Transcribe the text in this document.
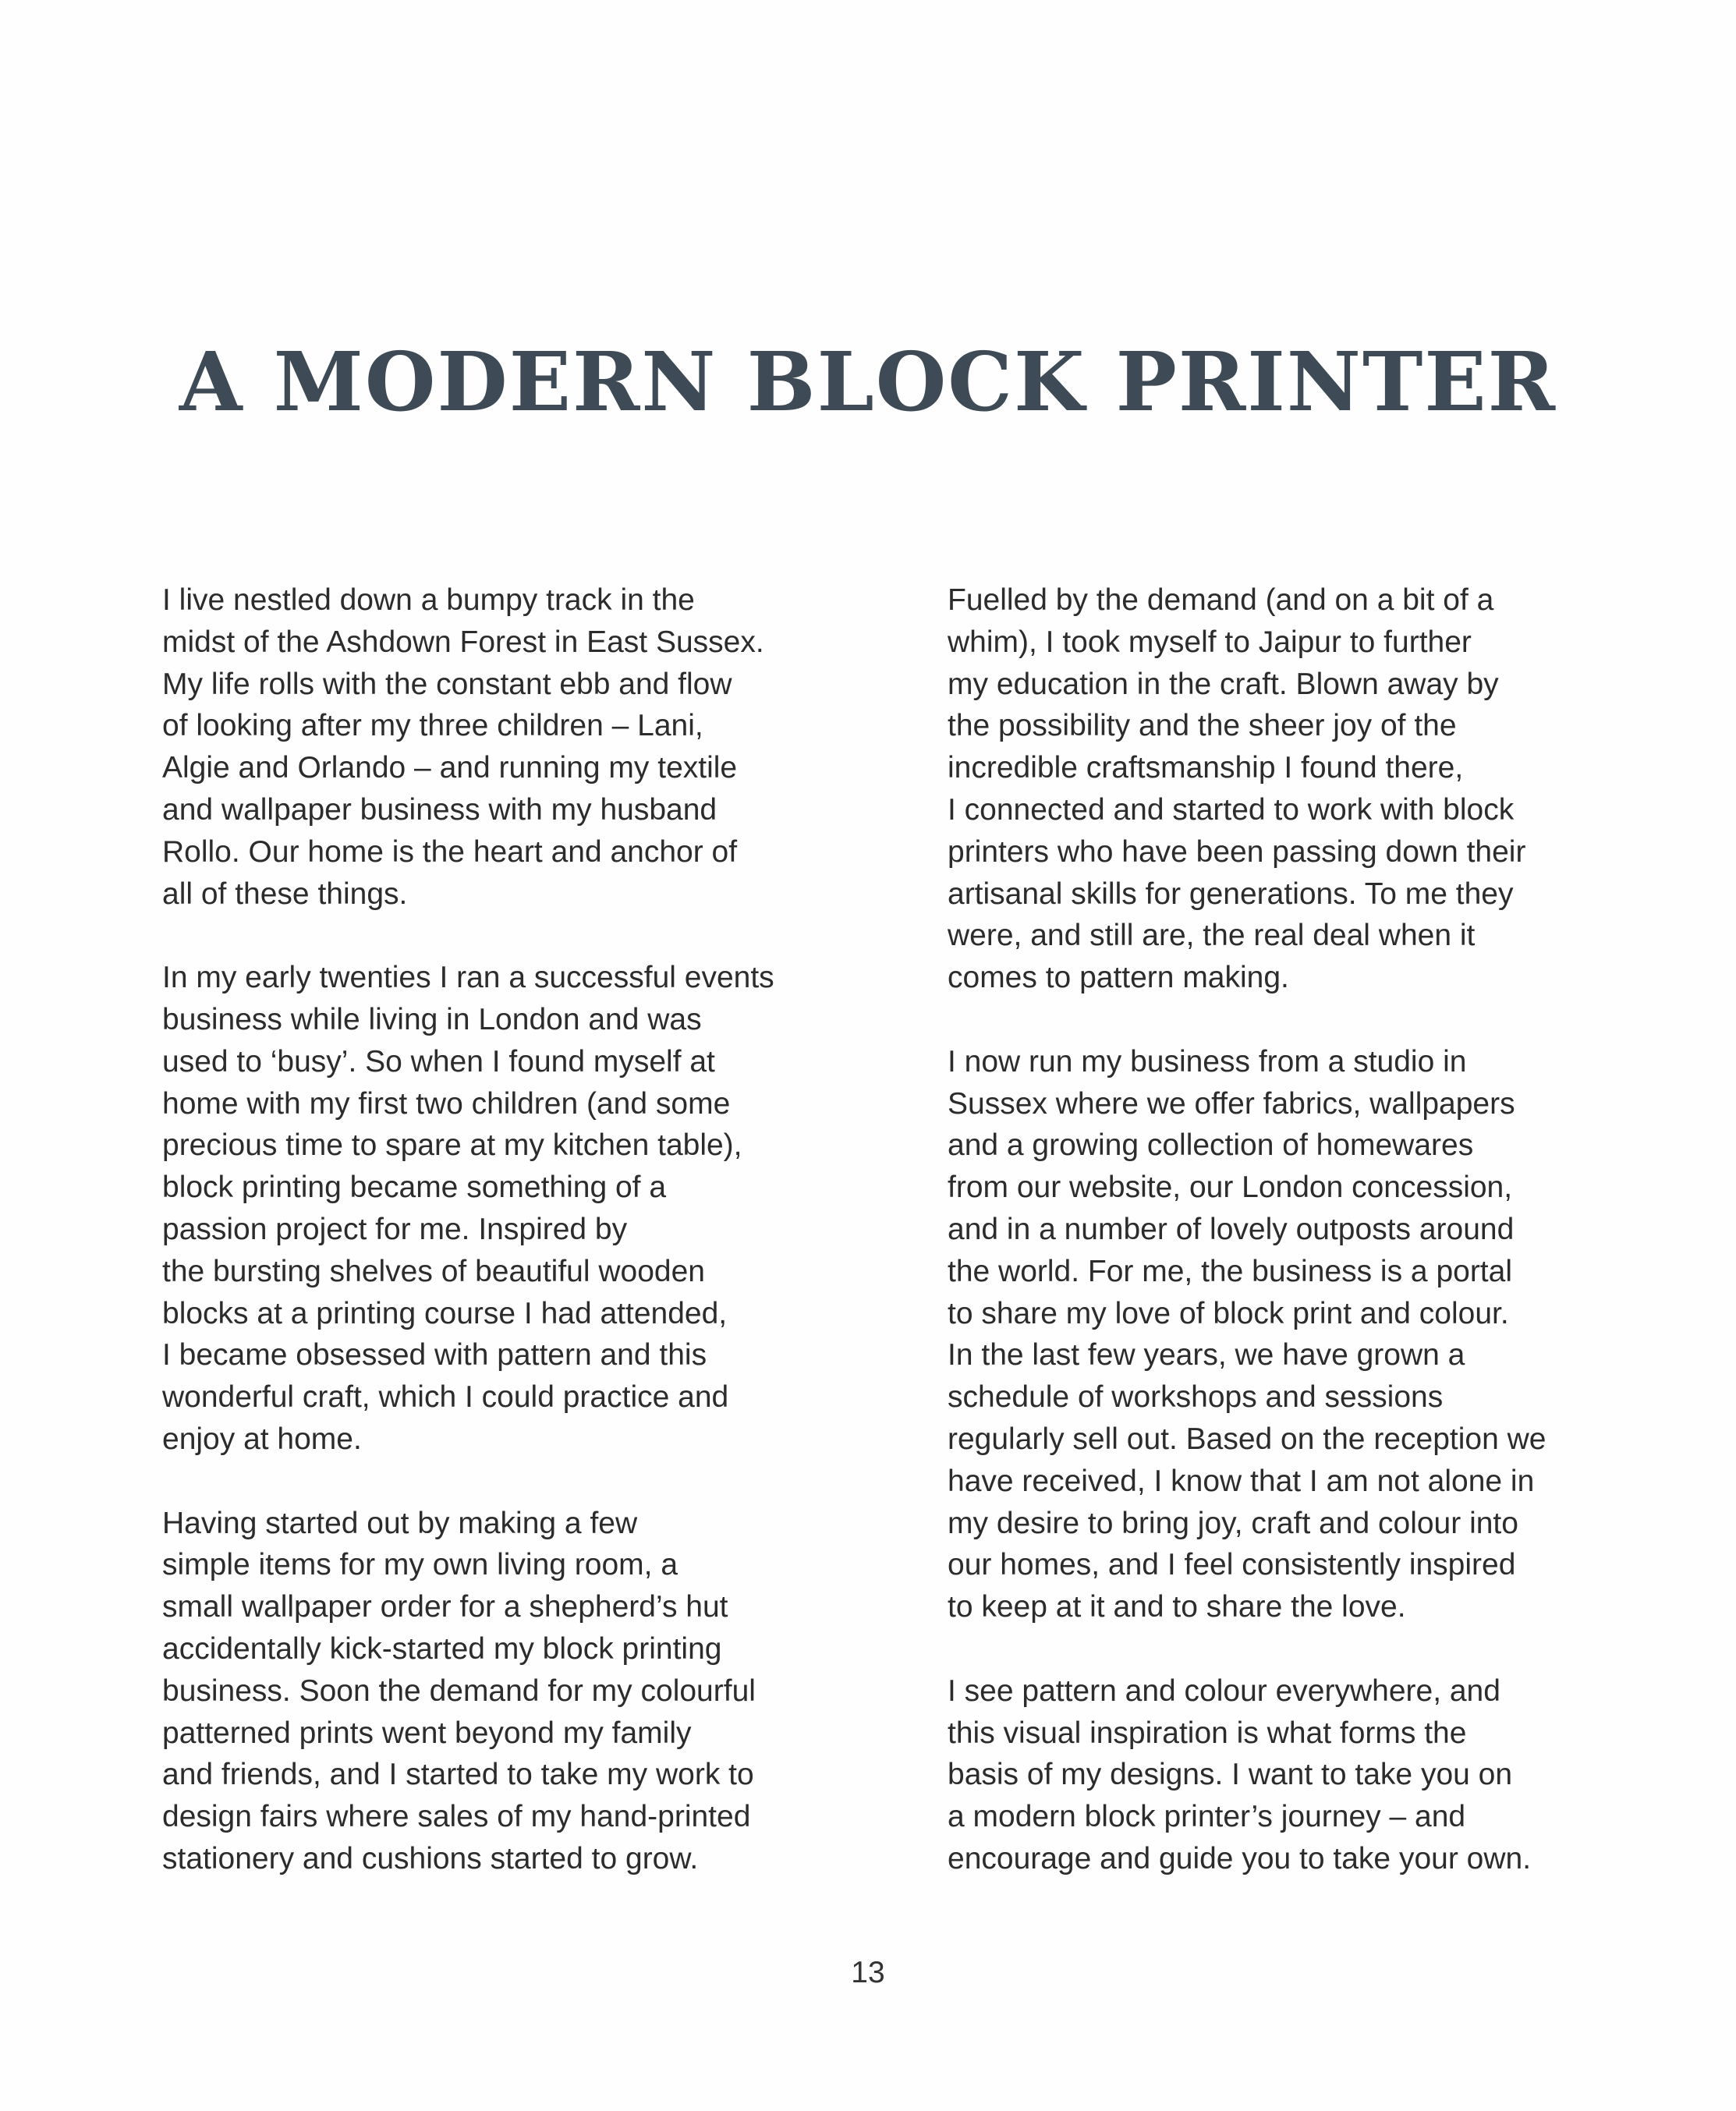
A MODERN BLOCK PRINTER
I live nestled down a bumpy track in the
midst of the Ashdown Forest in East Sussex.
My life rolls with the constant ebb and flow
of looking after my three children – Lani,
Algie and Orlando – and running my textile
and wallpaper business with my husband
Rollo. Our home is the heart and anchor of
all of these things.
In my early twenties I ran a successful events
business while living in London and was
used to ‘busy’. So when I found myself at
home with my first two children (and some
precious time to spare at my kitchen table),
block printing became something of a
passion project for me. Inspired by
the bursting shelves of beautiful wooden
blocks at a printing course I had attended,
I became obsessed with pattern and this
wonderful craft, which I could practice and
enjoy at home.
Having started out by making a few
simple items for my own living room, a
small wallpaper order for a shepherd’s hut
accidentally kick-started my block printing
business. Soon the demand for my colourful
patterned prints went beyond my family
and friends, and I started to take my work to
design fairs where sales of my hand-printed
stationery and cushions started to grow.
Fuelled by the demand (and on a bit of a
whim), I took myself to Jaipur to further
my education in the craft. Blown away by
the possibility and the sheer joy of the
incredible craftsmanship I found there,
I connected and started to work with block
printers who have been passing down their
artisanal skills for generations. To me they
were, and still are, the real deal when it
comes to pattern making.
I now run my business from a studio in
Sussex where we offer fabrics, wallpapers
and a growing collection of homewares
from our website, our London concession,
and in a number of lovely outposts around
the world. For me, the business is a portal
to share my love of block print and colour.
In the last few years, we have grown a
schedule of workshops and sessions
regularly sell out. Based on the reception we
have received, I know that I am not alone in
my desire to bring joy, craft and colour into
our homes, and I feel consistently inspired
to keep at it and to share the love.
I see pattern and colour everywhere, and
this visual inspiration is what forms the
basis of my designs. I want to take you on
a modern block printer’s journey – and
encourage and guide you to take your own.
13
